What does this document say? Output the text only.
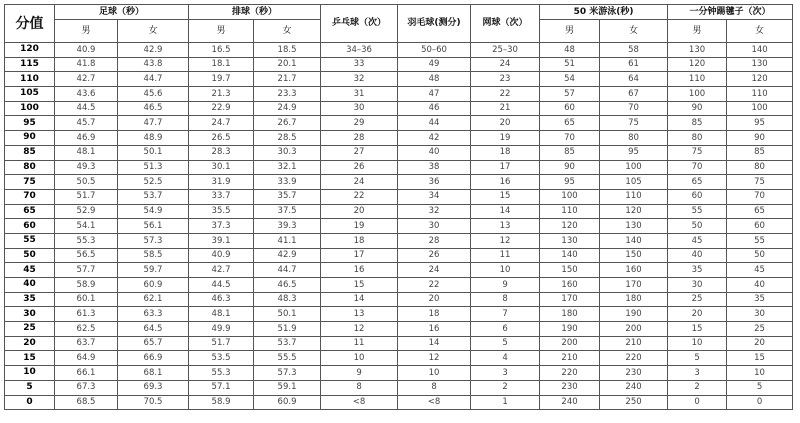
分值	足球（秒）		排球（秒）		乒乓球（次）	羽毛球(测分)	网球（次）	50 米游泳(秒)		一分钟踢毽子（次）	
	男	女	男	女				男	女	男	女
120	40.9	42.9	16.5	18.5	34–36	50–60	25–30	48	58	130	140
115	41.8	43.8	18.1	20.1	33	49	24	51	61	120	130
110	42.7	44.7	19.7	21.7	32	48	23	54	64	110	120
105	43.6	45.6	21.3	23.3	31	47	22	57	67	100	110
100	44.5	46.5	22.9	24.9	30	46	21	60	70	90	100
95	45.7	47.7	24.7	26.7	29	44	20	65	75	85	95
90	46.9	48.9	26.5	28.5	28	42	19	70	80	80	90
85	48.1	50.1	28.3	30.3	27	40	18	85	95	75	85
80	49.3	51.3	30.1	32.1	26	38	17	90	100	70	80
75	50.5	52.5	31.9	33.9	24	36	16	95	105	65	75
70	51.7	53.7	33.7	35.7	22	34	15	100	110	60	70
65	52.9	54.9	35.5	37.5	20	32	14	110	120	55	65
60	54.1	56.1	37.3	39.3	19	30	13	120	130	50	60
55	55.3	57.3	39.1	41.1	18	28	12	130	140	45	55
50	56.5	58.5	40.9	42.9	17	26	11	140	150	40	50
45	57.7	59.7	42.7	44.7	16	24	10	150	160	35	45
40	58.9	60.9	44.5	46.5	15	22	9	160	170	30	40
35	60.1	62.1	46.3	48.3	14	20	8	170	180	25	35
30	61.3	63.3	48.1	50.1	13	18	7	180	190	20	30
25	62.5	64.5	49.9	51.9	12	16	6	190	200	15	25
20	63.7	65.7	51.7	53.7	11	14	5	200	210	10	20
15	64.9	66.9	53.5	55.5	10	12	4	210	220	5	15
10	66.1	68.1	55.3	57.3	9	10	3	220	230	3	10
5	67.3	69.3	57.1	59.1	8	8	2	230	240	2	5
0	68.5	70.5	58.9	60.9	<8	<8	1	240	250	0	0
